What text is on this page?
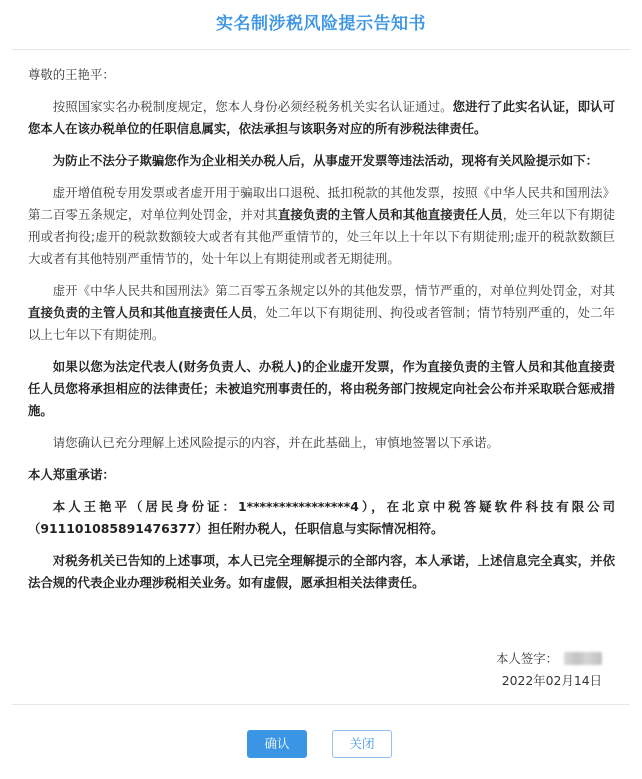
实名制涉税风险提示告知书

尊敬的王艳平：

按照国家实名办税制度规定，您本人身份必须经税务机关实名认证通过。您进行了此实名认证，即认可您本人在该办税单位的任职信息属实，依法承担与该职务对应的所有涉税法律责任。

为防止不法分子欺骗您作为企业相关办税人后，从事虚开发票等违法活动，现将有关风险提示如下：

虚开增值税专用发票或者虚开用于骗取出口退税、抵扣税款的其他发票，按照《中华人民共和国刑法》第二百零五条规定，对单位判处罚金，并对其直接负责的主管人员和其他直接责任人员，处三年以下有期徒刑或者拘役;虚开的税款数额较大或者有其他严重情节的，处三年以上十年以下有期徒刑;虚开的税款数额巨大或者有其他特别严重情节的，处十年以上有期徒刑或者无期徒刑。

虚开《中华人民共和国刑法》第二百零五条规定以外的其他发票，情节严重的，对单位判处罚金，对其直接负责的主管人员和其他直接责任人员，处二年以下有期徒刑、拘役或者管制；情节特别严重的，处二年以上七年以下有期徒刑。

如果以您为法定代表人(财务负责人、办税人)的企业虚开发票，作为直接负责的主管人员和其他直接责任人员您将承担相应的法律责任；未被追究刑事责任的，将由税务部门按规定向社会公布并采取联合惩戒措施。

请您确认已充分理解上述风险提示的内容，并在此基础上，审慎地签署以下承诺。

本人郑重承诺：

本人王艳平（居民身份证：1****************4），在北京中税答疑软件科技有限公司（911101085891476377）担任附办税人，任职信息与实际情况相符。

对税务机关已告知的上述事项，本人已完全理解提示的全部内容，本人承诺，上述信息完全真实，并依法合规的代表企业办理涉税相关业务。如有虚假，愿承担相关法律责任。

本人签字：
2022年02月14日
确认	关闭
